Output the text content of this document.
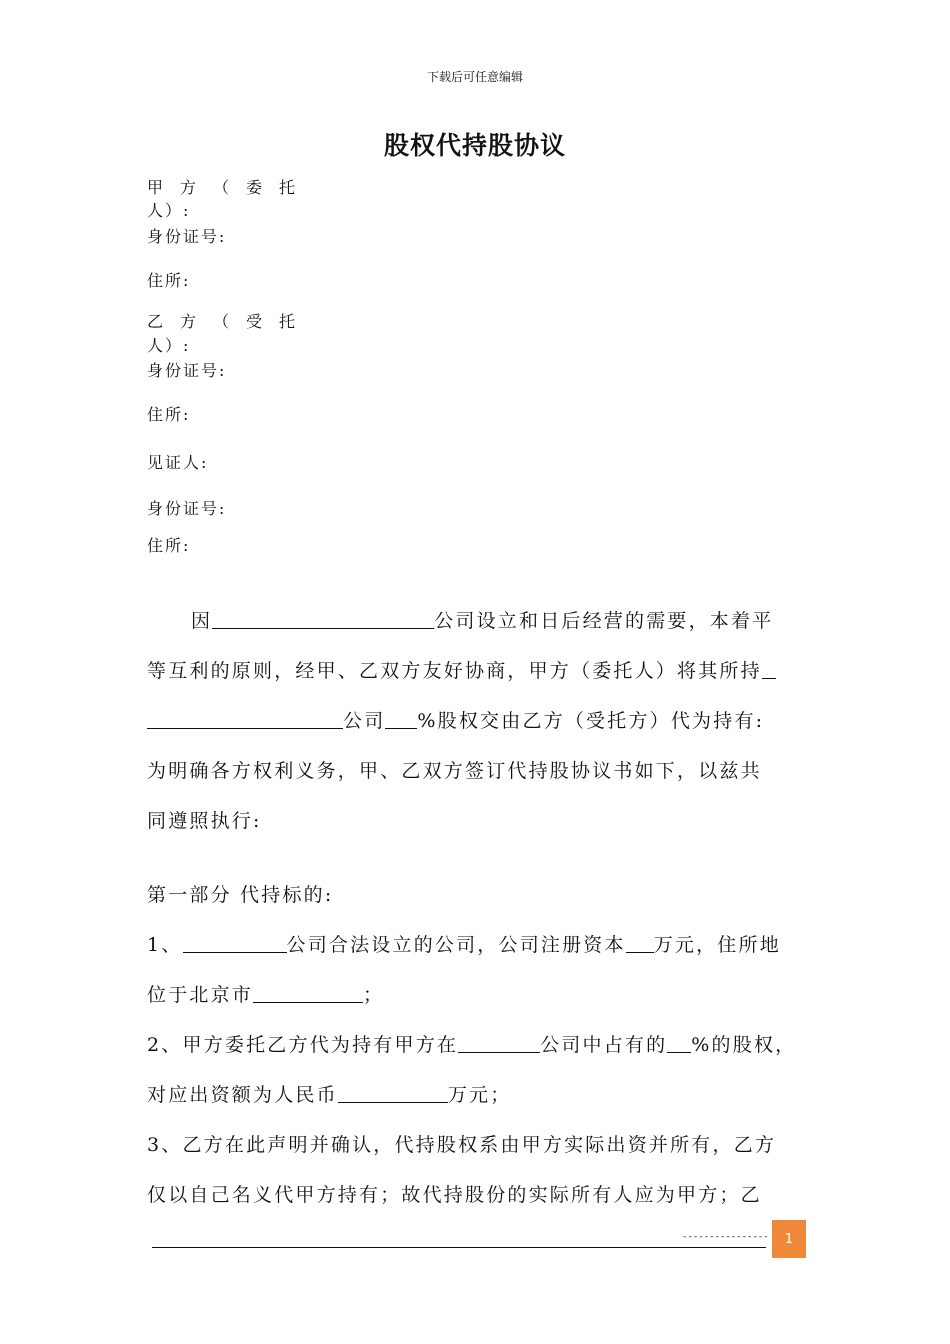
下载后可任意编辑
股权代持股协议
甲方（委托
人）:
身份证号:
住所:
乙方（受托
人）:
身份证号:
住所:
见证人:
身份证号:
住所:
因	公司设立和日后经营的需要，本着平
等互利的原则，经甲、乙双方友好协商，甲方（委托人）将其所持
公司 %股权交由乙方（受托方）代为持有:
为明确各方权利义务，甲、乙双方签订代持股协议书如下，以兹共
同遵照执行:
第一部分 代持标的:
1、	公司合法设立的公司，公司注册资本 万元，住所地
位于北京市	；
2、甲方委托乙方代为持有甲方在	公司中占有的 %的股权，
对应出资额为人民币	万元；
3、乙方在此声明并确认，代持股权系由甲方实际出资并所有，乙方
仅以自己名义代甲方持有；故代持股份的实际所有人应为甲方；乙
----------------	1
